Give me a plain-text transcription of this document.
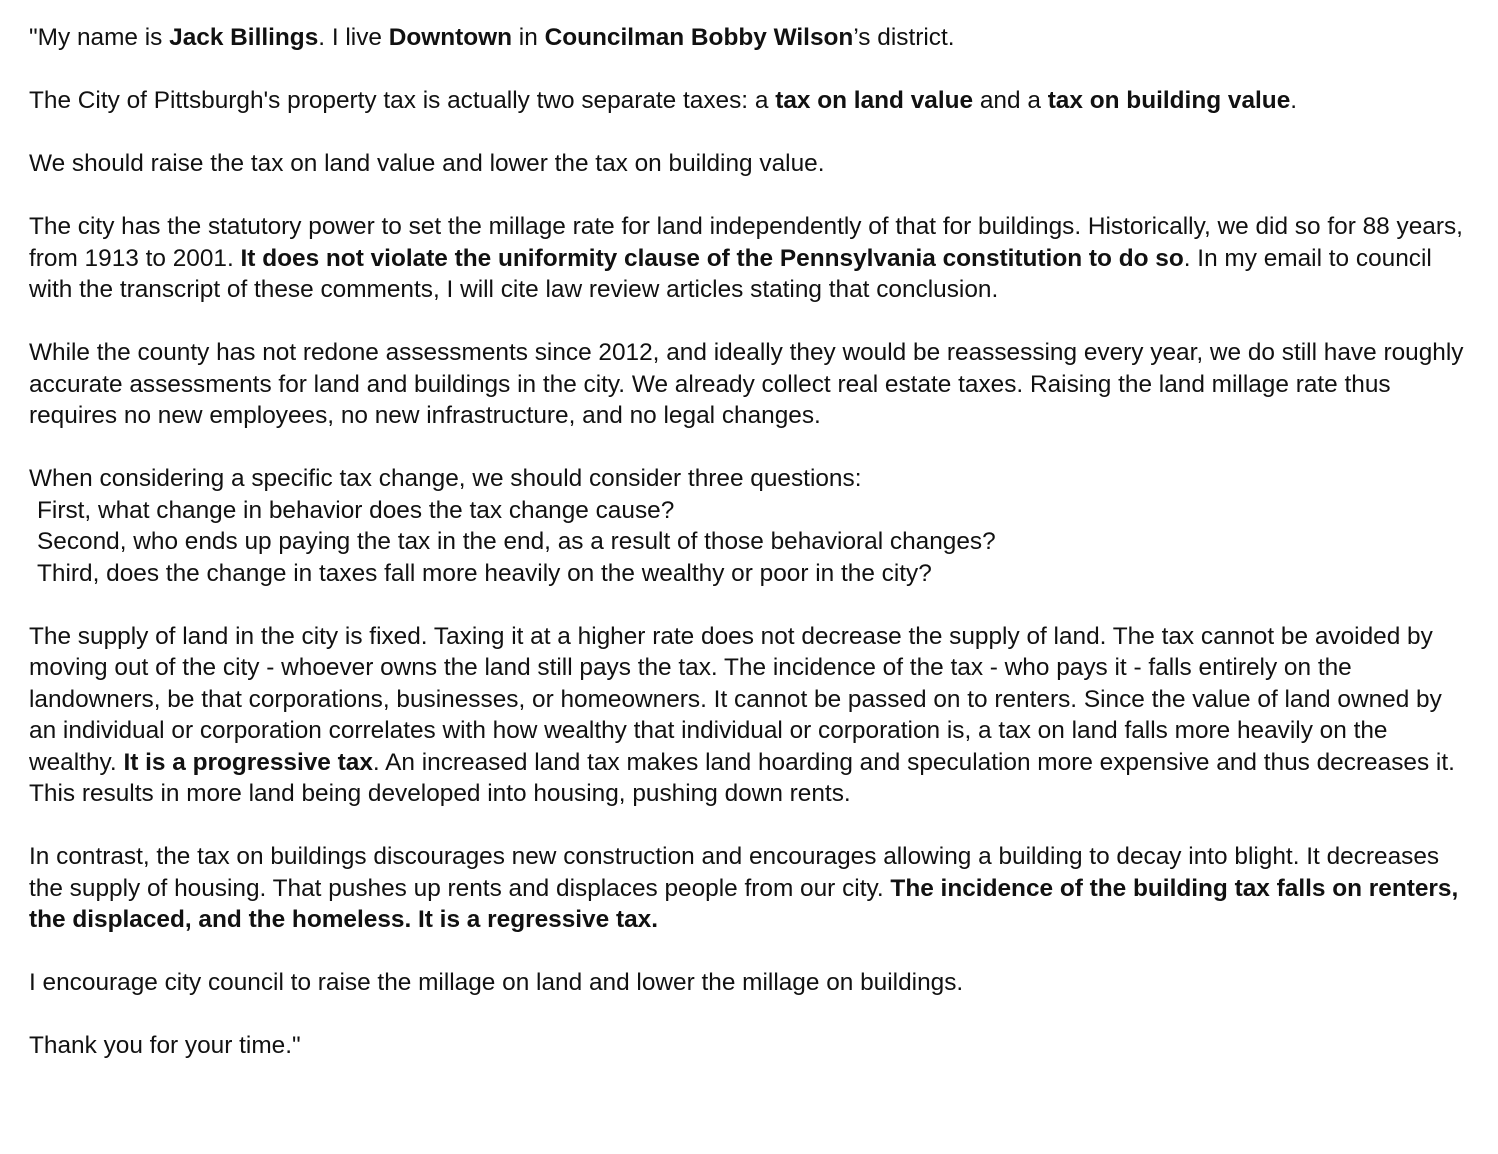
"My name is Jack Billings. I live Downtown in Councilman Bobby Wilson’s district.

The City of Pittsburgh's property tax is actually two separate taxes: a tax on land value and a tax on building value.

We should raise the tax on land value and lower the tax on building value.

The city has the statutory power to set the millage rate for land independently of that for buildings. Historically, we did so for 88 years, from 1913 to 2001. It does not violate the uniformity clause of the Pennsylvania constitution to do so. In my email to council with the transcript of these comments, I will cite law review articles stating that conclusion.

While the county has not redone assessments since 2012, and ideally they would be reassessing every year, we do still have roughly accurate assessments for land and buildings in the city. We already collect real estate taxes. Raising the land millage rate thus requires no new employees, no new infrastructure, and no legal changes.

When considering a specific tax change, we should consider three questions:
First, what change in behavior does the tax change cause?
Second, who ends up paying the tax in the end, as a result of those behavioral changes?
Third, does the change in taxes fall more heavily on the wealthy or poor in the city?

The supply of land in the city is fixed. Taxing it at a higher rate does not decrease the supply of land. The tax cannot be avoided by moving out of the city - whoever owns the land still pays the tax. The incidence of the tax - who pays it - falls entirely on the landowners, be that corporations, businesses, or homeowners. It cannot be passed on to renters. Since the value of land owned by an individual or corporation correlates with how wealthy that individual or corporation is, a tax on land falls more heavily on the wealthy. It is a progressive tax. An increased land tax makes land hoarding and speculation more expensive and thus decreases it. This results in more land being developed into housing, pushing down rents.

In contrast, the tax on buildings discourages new construction and encourages allowing a building to decay into blight. It decreases the supply of housing. That pushes up rents and displaces people from our city. The incidence of the building tax falls on renters, the displaced, and the homeless. It is a regressive tax.

I encourage city council to raise the millage on land and lower the millage on buildings.

Thank you for your time."
